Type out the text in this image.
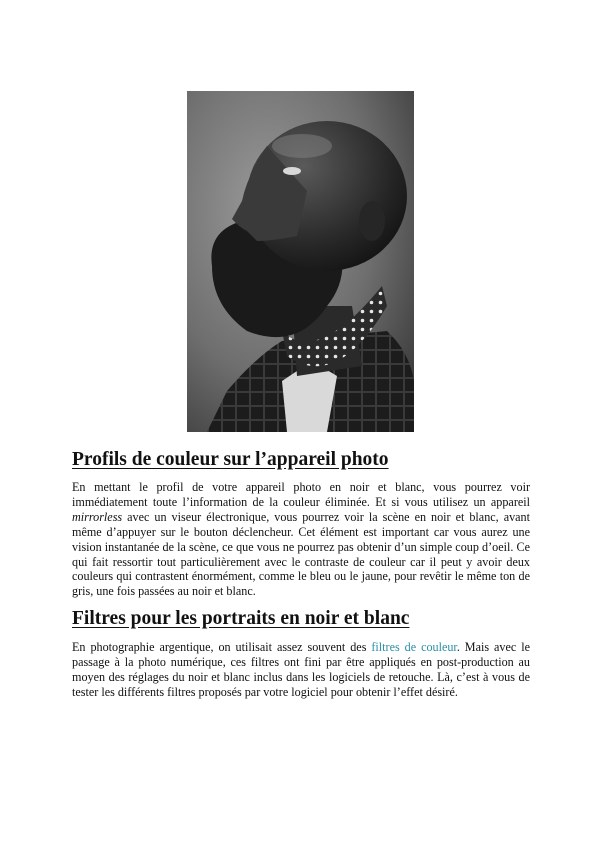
Profils de couleur sur l’appareil photo

En mettant le profil de votre appareil photo en noir et blanc, vous pourrez voir immédiatement toute l’information de la couleur éliminée. Et si vous utilisez un appareil mirrorless avec un viseur électronique, vous pourrez voir la scène en noir et blanc, avant même d’appuyer sur le bouton déclencheur. Cet élément est important car vous aurez une vision instantanée de la scène, ce que vous ne pourrez pas obtenir d’un simple coup d’oeil. Ce qui fait ressortir tout particulièrement avec le contraste de couleur car il peut y avoir deux couleurs qui contrastent énormément, comme le bleu ou le jaune, pour revêtir le même ton de gris, une fois passées au noir et blanc.

Filtres pour les portraits en noir et blanc

En photographie argentique, on utilisait assez souvent des filtres de couleur. Mais avec le passage à la photo numérique, ces filtres ont fini par être appliqués en post-production au moyen des réglages du noir et blanc inclus dans les logiciels de retouche. Là, c’est à vous de tester les différents filtres proposés par votre logiciel pour obtenir l’effet désiré.
